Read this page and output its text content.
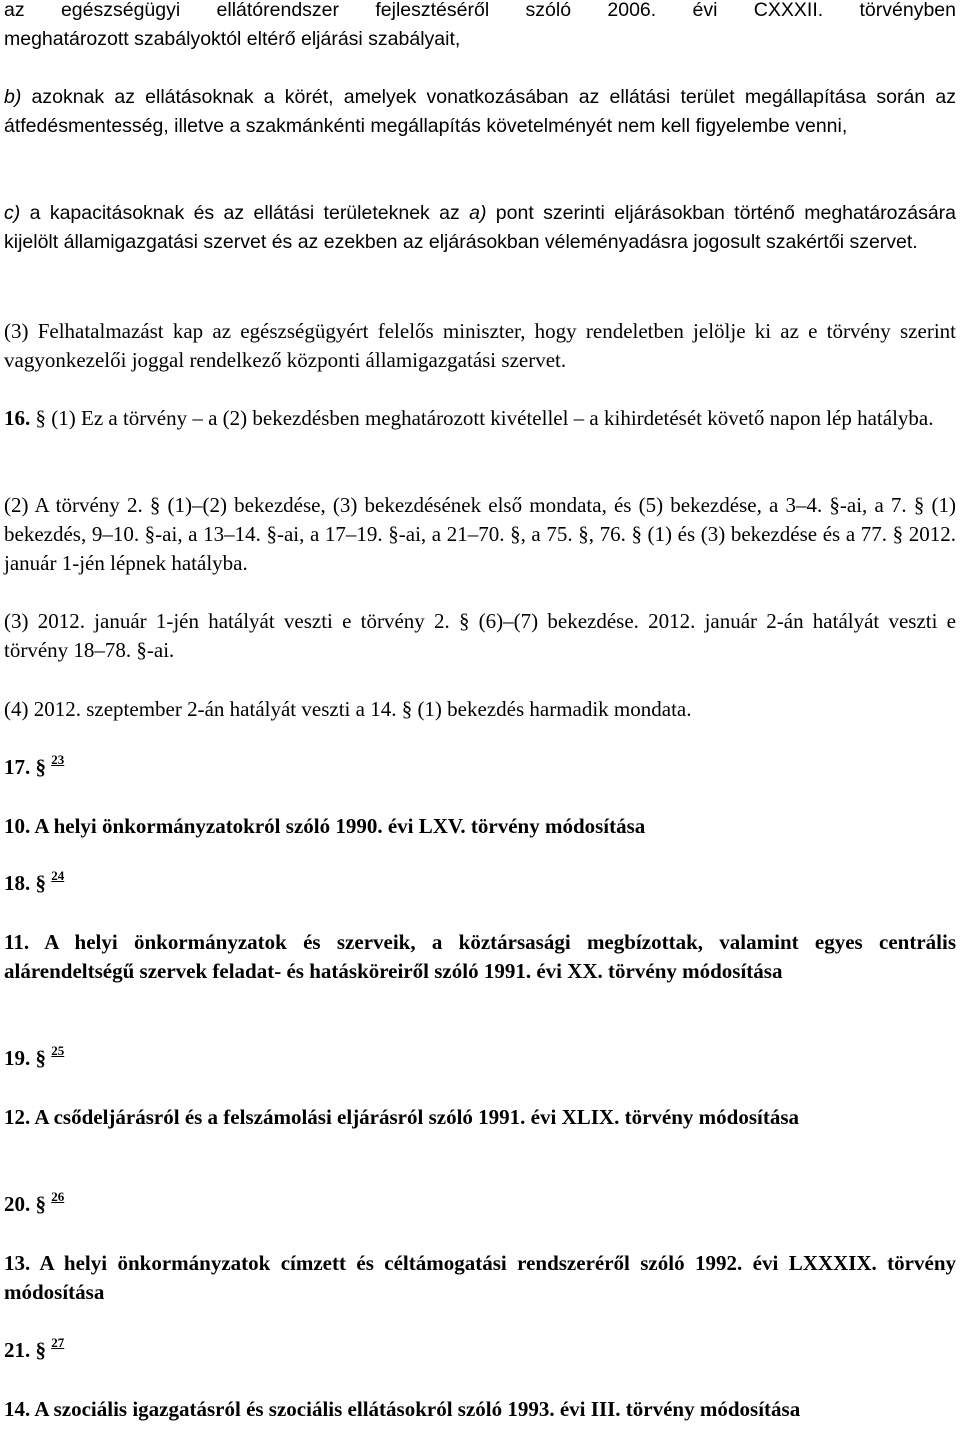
az egészségügyi ellátórendszer fejlesztéséről szóló 2006. évi CXXXII. törvényben

meghatározott szabályoktól eltérő eljárási szabályait,

b) azoknak az ellátásoknak a körét, amelyek vonatkozásában az ellátási terület megállapítása során az átfedésmentesség, illetve a szakmánkénti megállapítás követelményét nem kell figyelembe venni,

c) a kapacitásoknak és az ellátási területeknek az a) pont szerinti eljárásokban történő meghatározására kijelölt államigazgatási szervet és az ezekben az eljárásokban véleményadásra jogosult szakértői szervet.

(3) Felhatalmazást kap az egészségügyért felelős miniszter, hogy rendeletben jelölje ki az e törvény szerint vagyonkezelői joggal rendelkező központi államigazgatási szervet.

16. § (1) Ez a törvény – a (2) bekezdésben meghatározott kivétellel – a kihirdetését követő napon lép hatályba.

(2) A törvény 2. § (1)–(2) bekezdése, (3) bekezdésének első mondata, és (5) bekezdése, a 3–4. §-ai, a 7. § (1) bekezdés, 9–10. §-ai, a 13–14. §-ai, a 17–19. §-ai, a 21–70. §, a 75. §, 76. § (1) és (3) bekezdése és a 77. § 2012. január 1-jén lépnek hatályba.

(3) 2012. január 1-jén hatályát veszti e törvény 2. § (6)–(7) bekezdése. 2012. január 2-án hatályát veszti e törvény 18–78. §-ai.

(4) 2012. szeptember 2-án hatályát veszti a 14. § (1) bekezdés harmadik mondata.

17. § $^{23}$

10. A helyi önkormányzatokról szóló 1990. évi LXV. törvény módosítása

18. § $^{24}$

11. A helyi önkormányzatok és szerveik, a köztársasági megbízottak, valamint egyes centrális alárendeltségű szervek feladat- és hatásköreiről szóló 1991. évi XX. törvény módosítása

19. § $^{25}$

12. A csődeljárásról és a felszámolási eljárásról szóló 1991. évi XLIX. törvény módosítása

20. § $^{26}$

13. A helyi önkormányzatok címzett és céltámogatási rendszeréről szóló 1992. évi LXXXIX. törvény módosítása

21. § $^{27}$

14. A szociális igazgatásról és szociális ellátásokról szóló 1993. évi III. törvény módosítása
